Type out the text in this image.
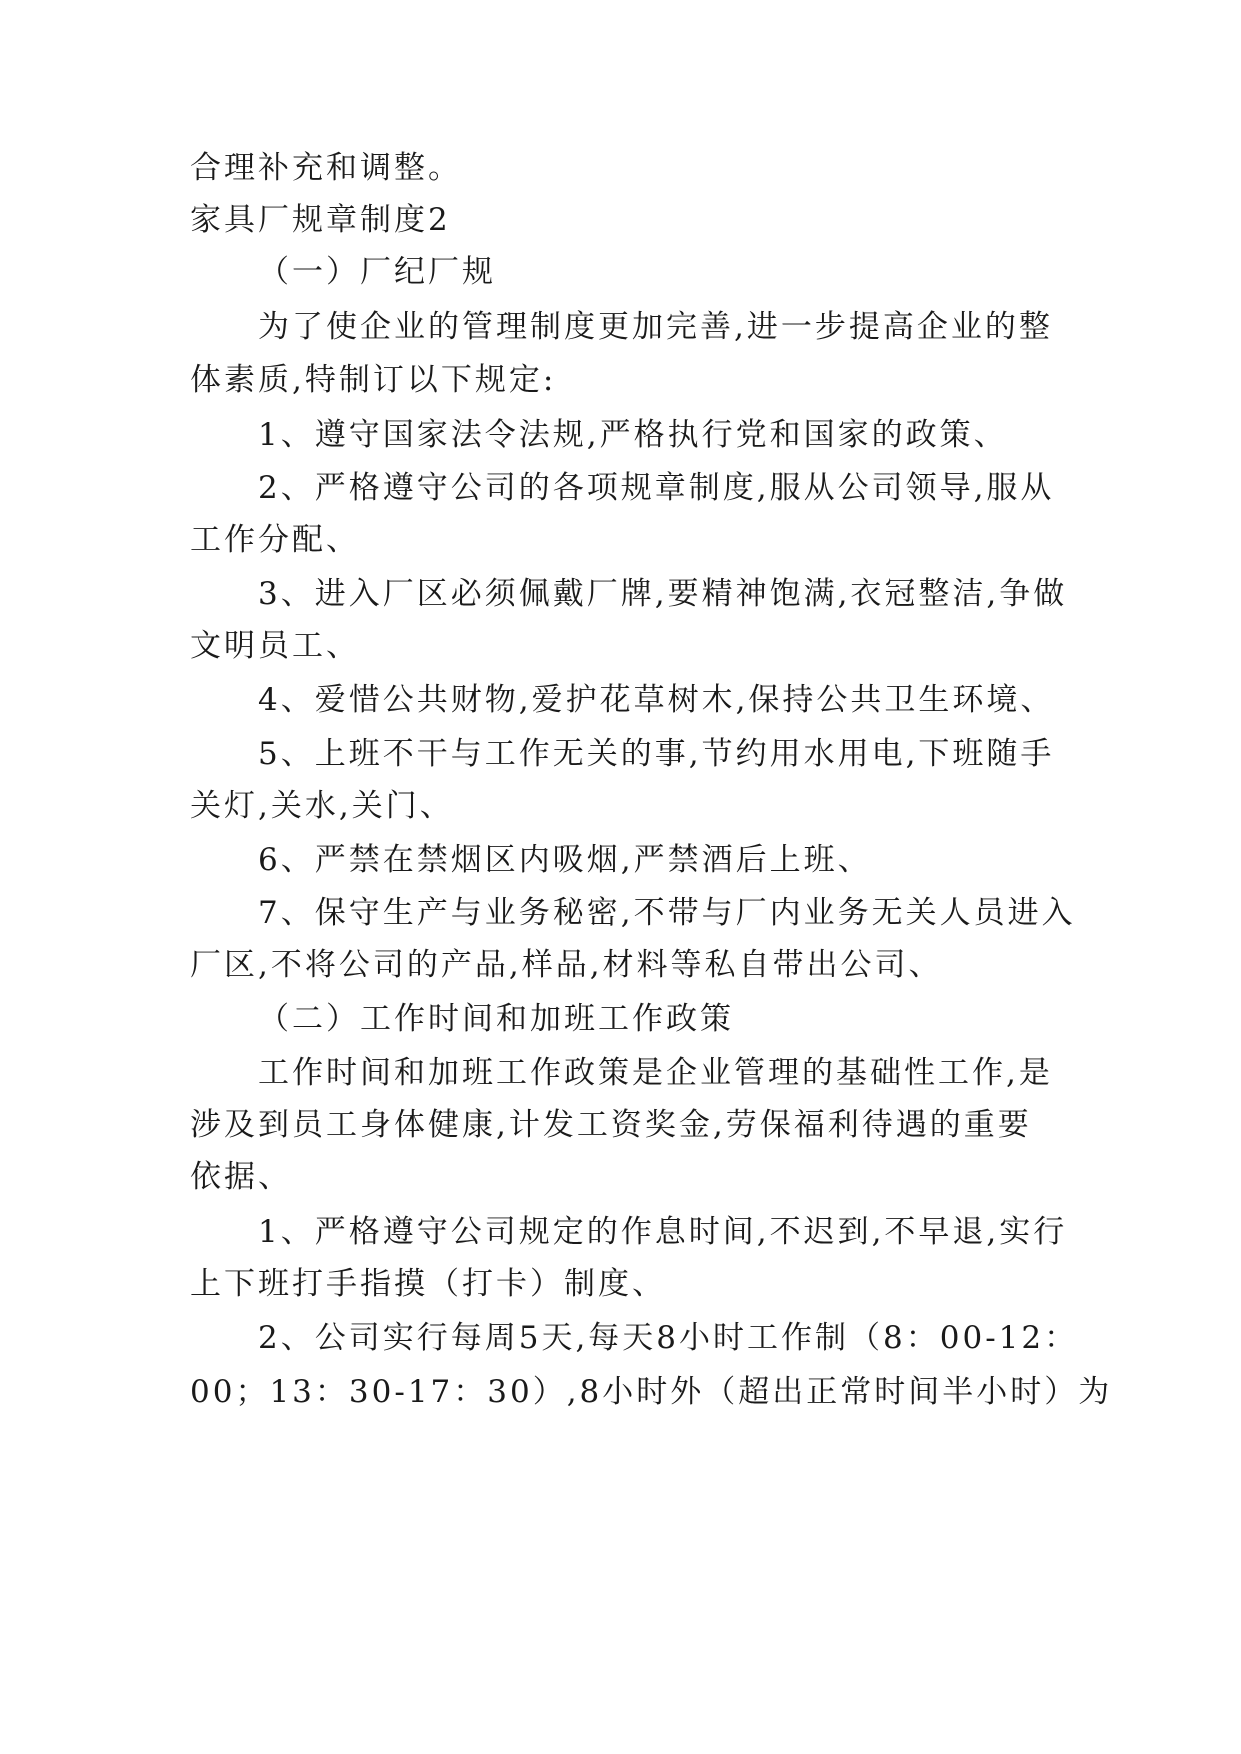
合理补充和调整。
家具厂规章制度2
（一）厂纪厂规
为了使企业的管理制度更加完善,进一步提高企业的整
体素质,特制订以下规定:
1、遵守国家法令法规,严格执行党和国家的政策、
2、严格遵守公司的各项规章制度,服从公司领导,服从
工作分配、
3、进入厂区必须佩戴厂牌,要精神饱满,衣冠整洁,争做
文明员工、
4、爱惜公共财物,爱护花草树木,保持公共卫生环境、
5、上班不干与工作无关的事,节约用水用电,下班随手
关灯,关水,关门、
6、严禁在禁烟区内吸烟,严禁酒后上班、
7、保守生产与业务秘密,不带与厂内业务无关人员进入
厂区,不将公司的产品,样品,材料等私自带出公司、
（二）工作时间和加班工作政策
工作时间和加班工作政策是企业管理的基础性工作,是
涉及到员工身体健康,计发工资奖金,劳保福利待遇的重要
依据、
1、严格遵守公司规定的作息时间,不迟到,不早退,实行
上下班打手指摸（打卡）制度、
2、公司实行每周5天,每天8小时工作制（8：00-12：
00；13：30-17：30）,8小时外（超出正常时间半小时）为
